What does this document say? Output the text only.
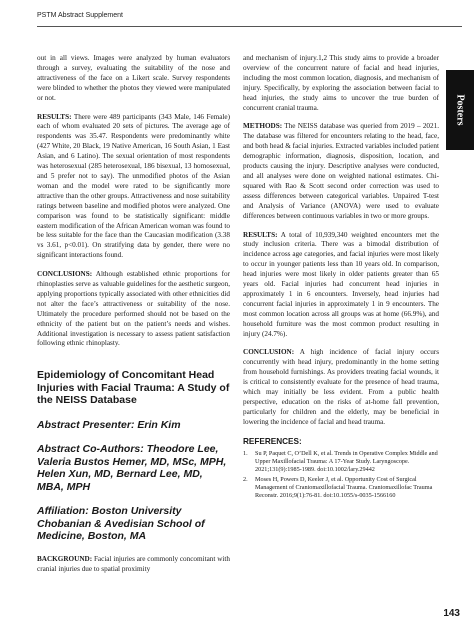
PSTM Abstract Supplement
Posters

out in all views. Images were analyzed by human evaluators through a survey, evaluating the suitability of the nose and attractiveness of the face on a Likert scale. Survey respondents were blinded to whether the photos they viewed were manipulated or not.

RESULTS: There were 489 participants (343 Male, 146 Female) each of whom evaluated 20 sets of pictures. The average age of respondents was 35.47. Respondents were predominantly white (427 White, 20 Black, 19 Native American, 16 South Asian, 1 East Asian, and 6 Latino). The sexual orientation of most respondents was heterosexual (285 heterosexual, 186 bisexual, 13 homosexual, and 5 prefer not to say). The unmodified photos of the Asian woman and the model were rated to be significantly more attractive than the other groups. Attractiveness and nose suitability ratings between baseline and modified photos were analyzed. One comparison was found to be statistically significant: middle eastern modification of the African American woman was found to be less suitable for the face than the Caucasian modification (3.38 vs 3.61, p<0.01). On stratifying data by gender, there were no significant interactions found.

CONCLUSIONS: Although established ethnic proportions for rhinoplasties serve as valuable guidelines for the aesthetic surgeon, applying proportions typically associated with other ethnicities did not alter the face’s attractiveness or suitability of the nose. Ultimately the procedure performed should not be based on the ethnicity of the patient but on the patient’s needs and wishes. Additional investigation is necessary to assess patient satisfaction following ethnic rhinoplasty.

Epidemiology of Concomitant Head Injuries with Facial Trauma: A Study of the NEISS Database
Abstract Presenter: Erin Kim
Abstract Co-Authors: Theodore Lee, Valeria Bustos Hemer, MD, MSc, MPH, Helen Xun, MD, Bernard Lee, MD, MBA, MPH
Affiliation: Boston University Chobanian & Avedisian School of Medicine, Boston, MA

BACKGROUND: Facial injuries are commonly concomitant with cranial injuries due to spatial proximity

and mechanism of injury.1,2 This study aims to provide a broader overview of the concurrent nature of facial and head injuries, including the most common location, diagnosis, and mechanism of injury. Specifically, by exploring the association between facial to head injuries, the study aims to uncover the true burden of concurrent cranial trauma.

METHODS: The NEISS database was queried from 2019 – 2021. The database was filtered for encounters relating to the head, face, and both head & facial injuries. Extracted variables included patient demographic information, diagnosis, disposition, location, and products causing the injury. Descriptive analyses were conducted, and all analyses were done on weighted national estimates. Chi-squared with Rao & Scott second order correction was used to assess differences between categorical variables. Unpaired T-test and Analysis of Variance (ANOVA) were used to evaluate differences between continuous variables in two or more groups.

RESULTS: A total of 10,939,340 weighted encounters met the study inclusion criteria. There was a bimodal distribution of incidence across age categories, and facial injuries were most likely to occur in younger patients less than 10 years old. In comparison, head injuries were most likely in older patients greater than 65 years old. Facial injuries had concurrent head injuries in approximately 1 in 6 encounters. Inversely, head injuries had concurrent facial injuries in approximately 1 in 9 encounters. The most common location across all groups was at home (66.9%), and household furniture was the most common product resulting in injury (24.7%).

CONCLUSION: A high incidence of facial injury occurs concurrently with head injury, predominantly in the home setting from household furnishings. As providers treating facial wounds, it is critical to consistently evaluate for the presence of head trauma, which may initially be less evident. From a public health perspective, education on the risks of at-home fall prevention, particularly for children and the elderly, may be beneficial in lowering the incidence of facial and head trauma.

REFERENCES:
1. Su P, Paquet C, O’Dell K, et al. Trends in Operative Complex Middle and Upper Maxillofacial Trauma: A 17-Year Study. Laryngoscope. 2021;131(9):1985-1989. doi:10.1002/lary.29442
2. Moses H, Powers D, Keeler J, et al. Opportunity Cost of Surgical Management of Craniomaxillofacial Trauma. Craniomaxillofac Trauma Reconstr. 2016;9(1):76-81. doi:10.1055/s-0035-1566160
143
